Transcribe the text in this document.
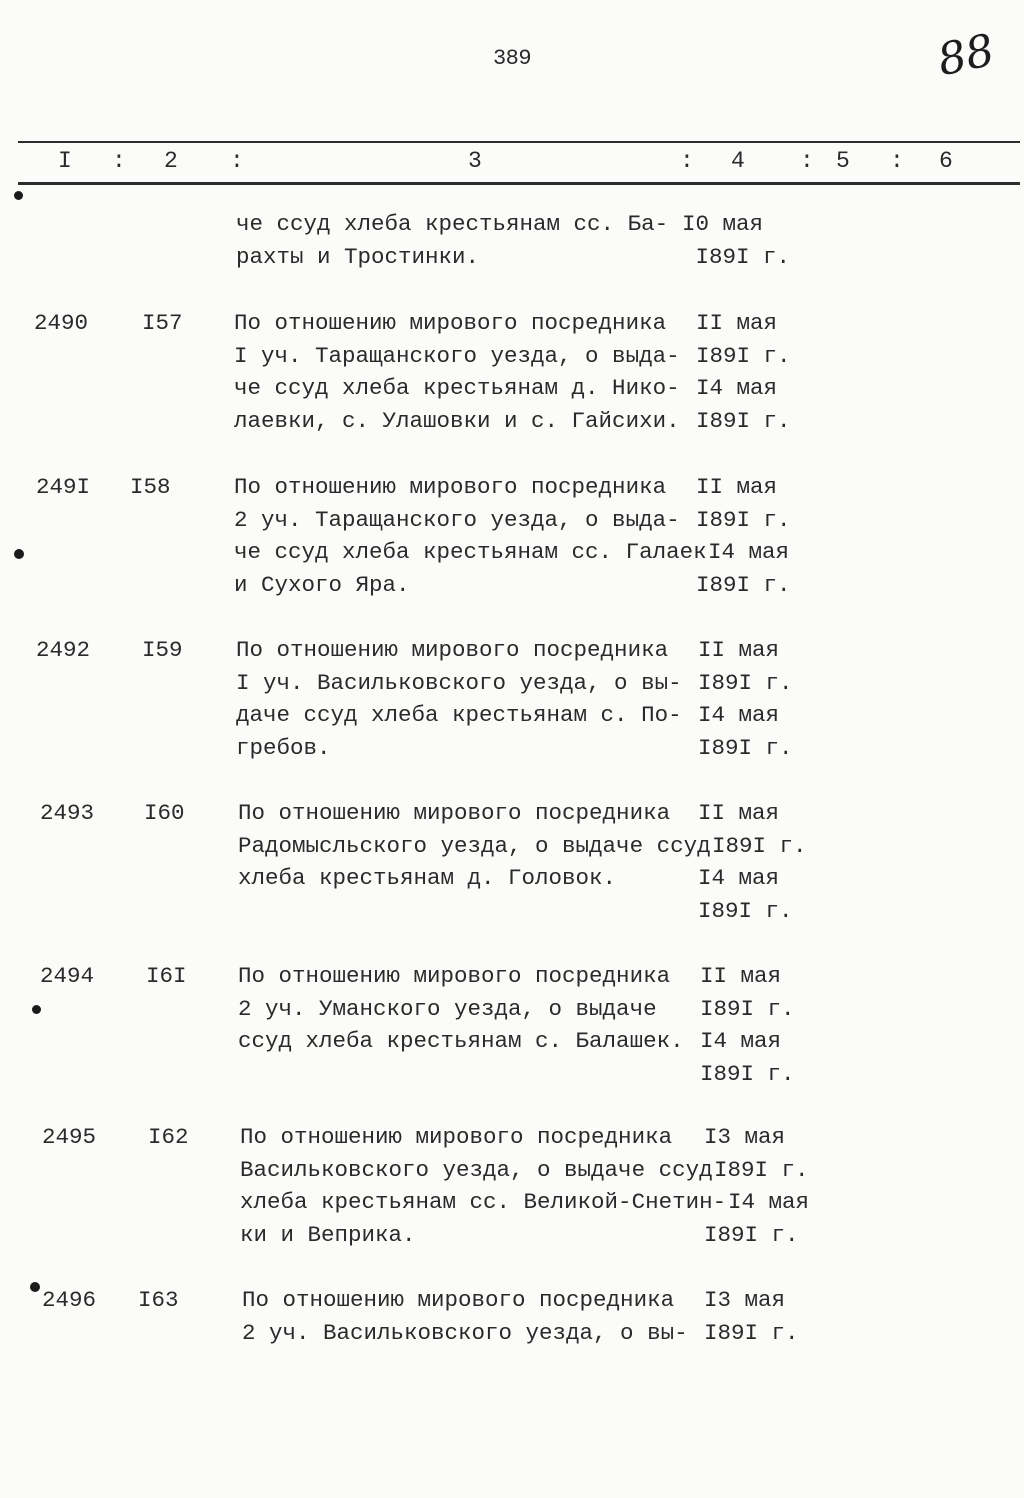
389	88
I : 2 :	3	: 4 : 5 : 6
че ссуд хлеба крестьянам сс. Ба-
рахты и Тростинки.
I0 мая
I89I г.
2490 I57 По отношению мирового посредника
I уч. Таращанского уезда, о выда-
че ссуд хлеба крестьянам д. Нико-
лаевки, с. Улашовки и с. Гайсихи.
II мая
I89I г.
I4 мая
I89I г.
249I I58	По отношению мирового посредника
2 уч. Таращанского уезда, о выда-
че ссуд хлеба крестьянам сс. Галаек
и Сухого Яра.
II мая
I89I г.
I4 мая
I89I г.
2492 I59 По отношению мирового посредника
I уч. Васильковского уезда, о вы-
даче ссуд хлеба крестьянам с. По-
гребов.
II мая
I89I г.
I4 мая
I89I г.
2493 I60 По отношению мирового посредника
Радомысльского уезда, о выдаче ссуд
хлеба крестьянам д. Головок.
II мая
I89I г.
I4 мая
I89I г.
2494 I6I По отношению мирового посредника
2 уч. Уманского уезда, о выдаче
ссуд хлеба крестьянам с. Балашек.
II мая
I89I г.
I4 мая
I89I г.
2495 I62 По отношению мирового посредника
Васильковского уезда, о выдаче ссуд
хлеба крестьянам сс. Великой-Снетин-
ки и Веприка.
I3 мая
I89I г.
I4 мая
I89I г.
2496 I63	По отношению мирового посредника
2 уч. Васильковского уезда, о вы-
I3 мая
I89I г.
